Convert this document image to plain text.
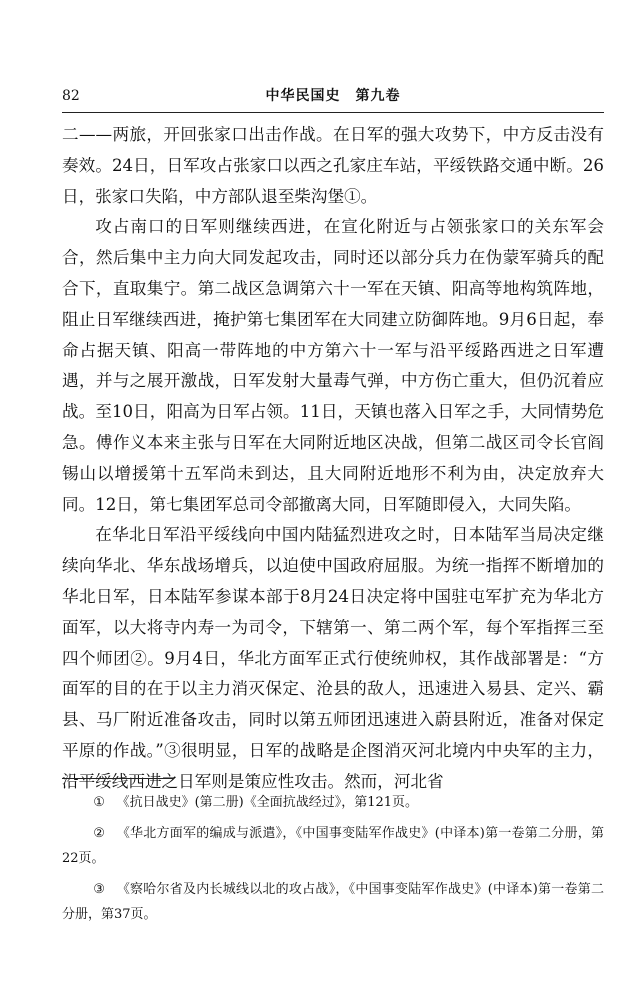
82	中华民国史　第九卷

二——两旅，开回张家口出击作战。在日军的强大攻势下，中方反击没有奏效。24日，日军攻占张家口以西之孔家庄车站，平绥铁路交通中断。26日，张家口失陷，中方部队退至柴沟堡①。

攻占南口的日军则继续西进，在宣化附近与占领张家口的关东军会合，然后集中主力向大同发起攻击，同时还以部分兵力在伪蒙军骑兵的配合下，直取集宁。第二战区急调第六十一军在天镇、阳高等地构筑阵地，阻止日军继续西进，掩护第七集团军在大同建立防御阵地。9月6日起，奉命占据天镇、阳高一带阵地的中方第六十一军与沿平绥路西进之日军遭遇，并与之展开激战，日军发射大量毒气弹，中方伤亡重大，但仍沉着应战。至10日，阳高为日军占领。11日，天镇也落入日军之手，大同情势危急。傅作义本来主张与日军在大同附近地区决战，但第二战区司令长官阎锡山以增援第十五军尚未到达，且大同附近地形不利为由，决定放弃大同。12日，第七集团军总司令部撤离大同，日军随即侵入，大同失陷。

在华北日军沿平绥线向中国内陆猛烈进攻之时，日本陆军当局决定继续向华北、华东战场增兵，以迫使中国政府屈服。为统一指挥不断增加的华北日军，日本陆军参谋本部于8月24日决定将中国驻屯军扩充为华北方面军，以大将寺内寿一为司令，下辖第一、第二两个军，每个军指挥三至四个师团②。9月4日，华北方面军正式行使统帅权，其作战部署是：“方面军的目的在于以主力消灭保定、沧县的敌人，迅速进入易县、定兴、霸县、马厂附近准备攻击，同时以第五师团迅速进入蔚县附近，准备对保定平原的作战。”③很明显，日军的战略是企图消灭河北境内中央军的主力，沿平绥线西进之日军则是策应性攻击。然而，河北省

① 《抗日战史》(第二册)《全面抗战经过》，第121页。

② 《华北方面军的编成与派遣》，《中国事变陆军作战史》(中译本)第一卷第二分册，第22页。

③ 《察哈尔省及内长城线以北的攻占战》，《中国事变陆军作战史》(中译本)第一卷第二分册，第37页。
